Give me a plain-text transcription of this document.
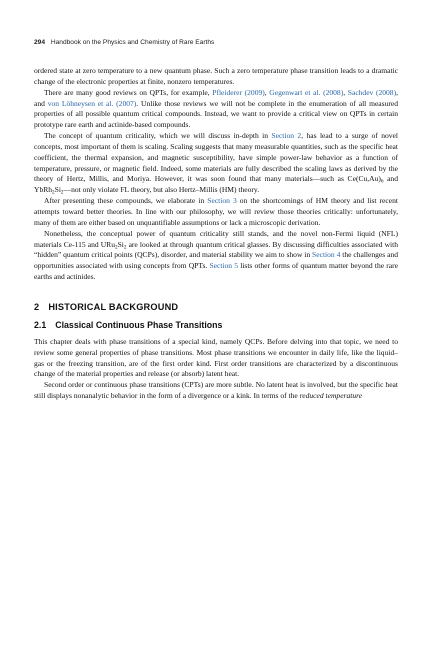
294 Handbook on the Physics and Chemistry of Rare Earths

ordered state at zero temperature to a new quantum phase. Such a zero temperature phase transition leads to a dramatic change of the electronic properties at finite, nonzero temperatures.

There are many good reviews on QPTs, for example, Pfleiderer (2009), Gegenwart et al. (2008), Sachdev (2008), and von Löhneysen et al. (2007). Unlike those reviews we will not be complete in the enumeration of all measured properties of all possible quantum critical compounds. Instead, we want to provide a critical view on QPTs in certain prototype rare earth and actinide-based compounds.

The concept of quantum criticality, which we will discuss in-depth in Section 2, has lead to a surge of novel concepts, most important of them is scaling. Scaling suggests that many measurable quantities, such as the specific heat coefficient, the thermal expansion, and magnetic susceptibility, have simple power-law behavior as a function of temperature, pressure, or magnetic field. Indeed, some materials are fully described the scaling laws as derived by the theory of Hertz, Millis, and Moriya. However, it was soon found that many materials—such as $Ce(Cu,Au)_6$ and $YbRh_2Si_2—not$ only violate FL theory, but also Hertz–Millis (HM) theory.

After presenting these compounds, we elaborate in Section 3 on the shortcomings of HM theory and list recent attempts toward better theories. In line with our philosophy, we will review those theories critically: unfortunately, many of them are either based on unquantifiable assumptions or lack a microscopic derivation.

Nonetheless, the conceptual power of quantum criticality still stands, and the novel non-Fermi liquid (NFL) materials Ce-115 and $URu_2Si_2$ are looked at through quantum critical glasses. By discussing difficulties associated with “hidden” quantum critical points (QCPs), disorder, and material stability we aim to show in Section 4 the challenges and opportunities associated with using concepts from QPTs. Section 5 lists other forms of quantum matter beyond the rare earths and actinides.

2 HISTORICAL BACKGROUND
2.1 Classical Continuous Phase Transitions

This chapter deals with phase transitions of a special kind, namely QCPs. Before delving into that topic, we need to review some general properties of phase transitions. Most phase transitions we encounter in daily life, like the liquid–gas or the freezing transition, are of the first order kind. First order transitions are characterized by a discontinuous change of the material properties and release (or absorb) latent heat.

Second order or continuous phase transitions (CPTs) are more subtle. No latent heat is involved, but the specific heat still displays nonanalytic behavior in the form of a divergence or a kink. In terms of the reduced temperature
